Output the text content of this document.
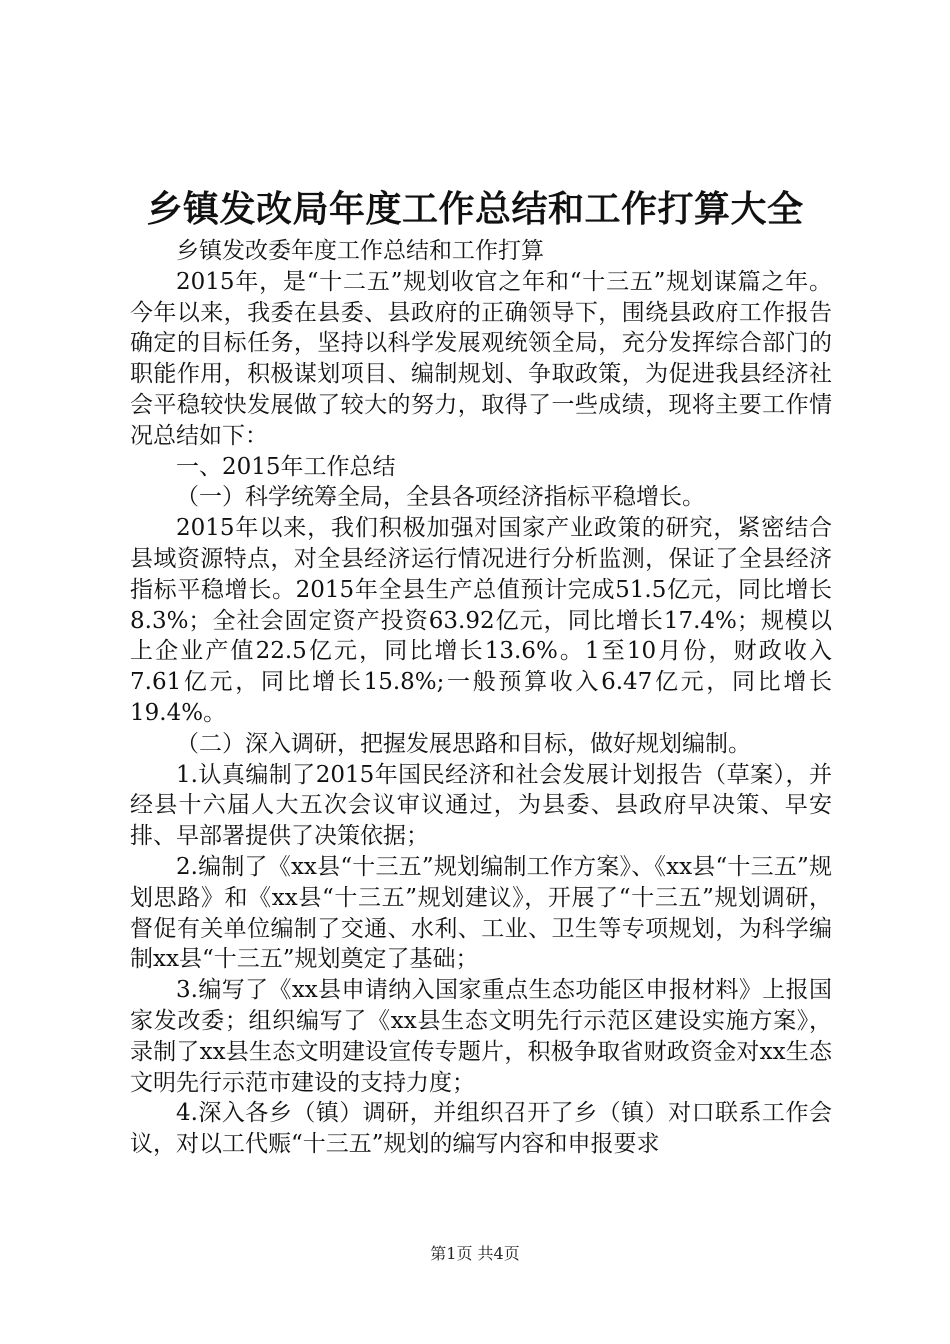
乡镇发改局年度工作总结和工作打算大全

乡镇发改委年度工作总结和工作打算

2015年，是“十二五”规划收官之年和“十三五”规划谋篇之年。今年以来，我委在县委、县政府的正确领导下，围绕县政府工作报告确定的目标任务，坚持以科学发展观统领全局，充分发挥综合部门的职能作用，积极谋划项目、编制规划、争取政策，为促进我县经济社会平稳较快发展做了较大的努力，取得了一些成绩，现将主要工作情况总结如下：

一、2015年工作总结

（一）科学统筹全局，全县各项经济指标平稳增长。

2015年以来，我们积极加强对国家产业政策的研究，紧密结合县域资源特点，对全县经济运行情况进行分析监测，保证了全县经济指标平稳增长。2015年全县生产总值预计完成51.5亿元，同比增长8.3%；全社会固定资产投资63.92亿元，同比增长17.4%；规模以上企业产值22.5亿元，同比增长13.6%。1至10月份，财政收入7.61亿元，同比增长15.8%;一般预算收入6.47亿元，同比增长19.4%。

（二）深入调研，把握发展思路和目标，做好规划编制。

1.认真编制了2015年国民经济和社会发展计划报告（草案），并经县十六届人大五次会议审议通过，为县委、县政府早决策、早安排、早部署提供了决策依据；

2.编制了《xx县“十三五”规划编制工作方案》、《xx县“十三五”规划思路》和《xx县“十三五”规划建议》，开展了“十三五”规划调研，督促有关单位编制了交通、水利、工业、卫生等专项规划，为科学编制xx县“十三五”规划奠定了基础；

3.编写了《xx县申请纳入国家重点生态功能区申报材料》上报国家发改委；组织编写了《xx县生态文明先行示范区建设实施方案》，录制了xx县生态文明建设宣传专题片，积极争取省财政资金对xx生态文明先行示范市建设的支持力度；

4.深入各乡（镇）调研，并组织召开了乡（镇）对口联系工作会议，对以工代赈“十三五”规划的编写内容和申报要求

第1页 共4页
